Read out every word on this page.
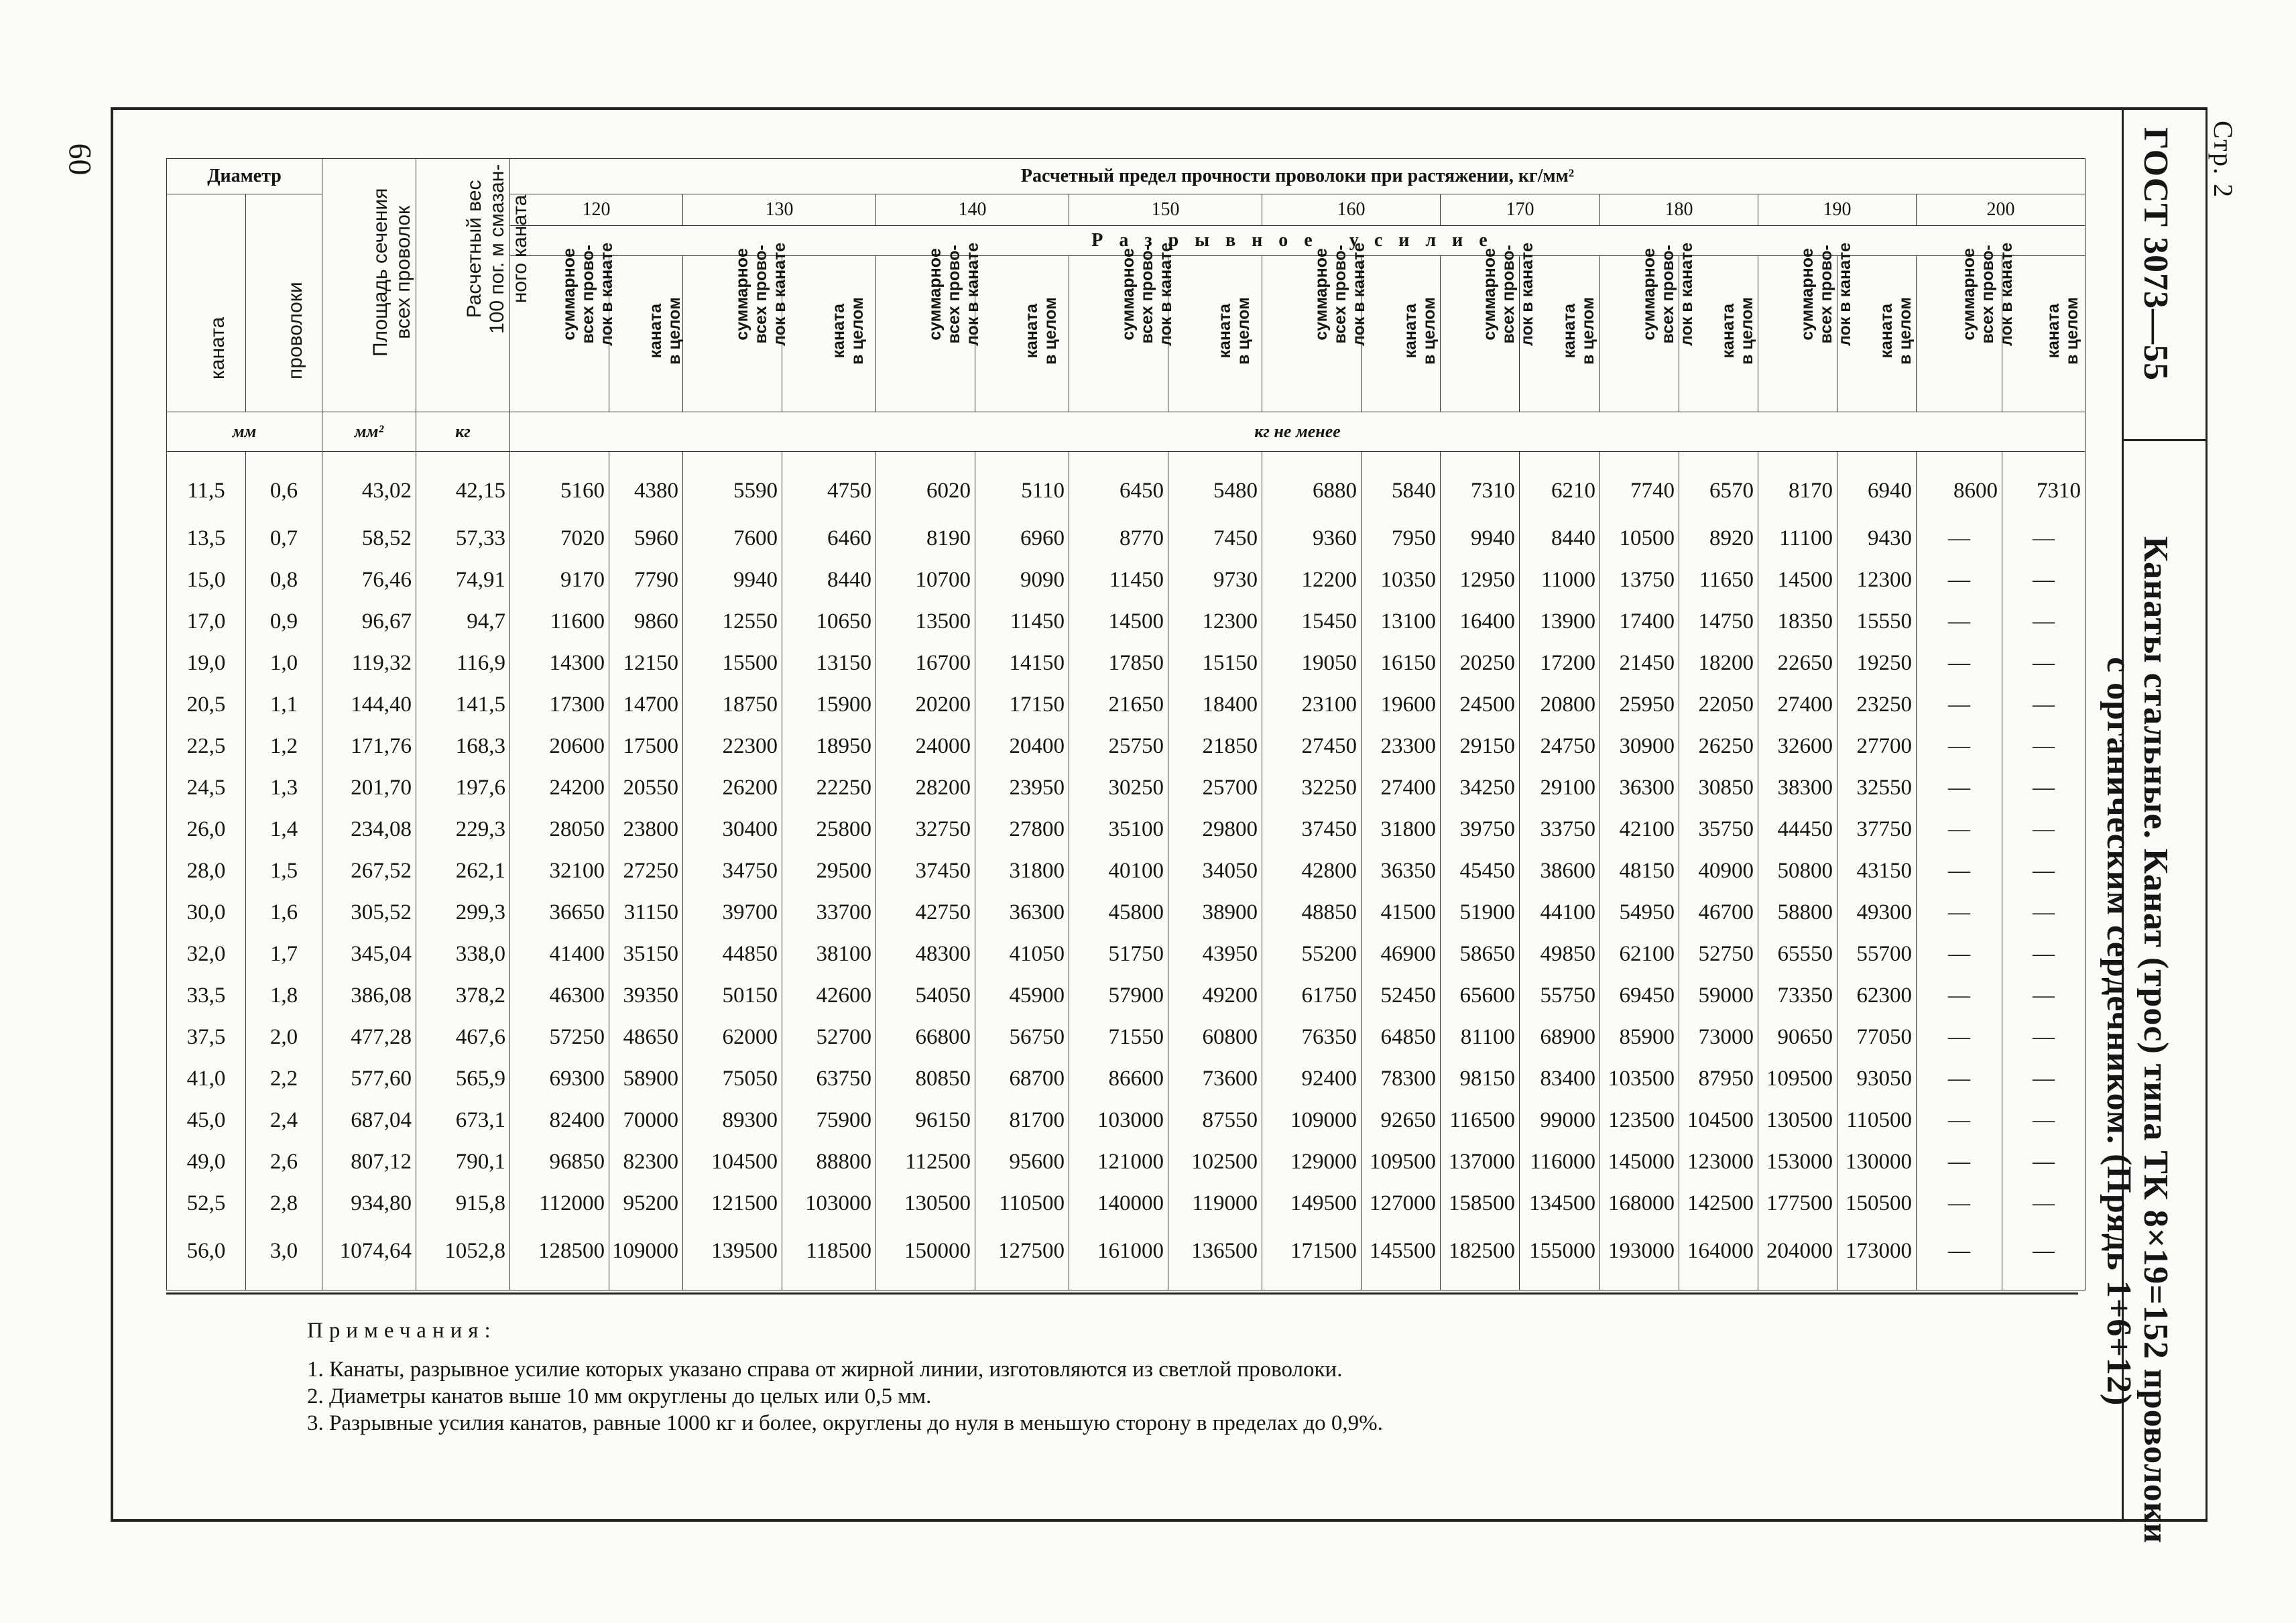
60	Стр. 2
ГОСТ 3073—55
Канаты стальные. Канат (трос) типа ТК 8×19=152 проволоки
с органическим сердечником. (Прядь 1+6+12)
Диаметр		Площадь сечения
всех проволок	Расчетный вес
100 пог. м смазан-
ного каната	Расчетный предел прочности проволоки при растяжении, кг/мм²																	

каната	проволоки			120		130		140		150		160		170		180		190		200	
				Разрывное усилие																	

				суммарное
всех прово-
лок в канате	каната
в целом	суммарное
всех прово-
лок в канате	каната
в целом	суммарное
всех прово-
лок в канате	каната
в целом	суммарное
всех прово-
лок в канате	каната
в целом	суммарное
всех прово-
лок в канате	каната
в целом	суммарное
всех прово-
лок в канате	каната
в целом	суммарное
всех прово-
лок в канате	каната
в целом	суммарное
всех прово-
лок в канате	каната
в целом	суммарное
всех прово-
лок в канате	каната
в целом

мм		мм²	кг	кг не менее																	
11,5	0,6	43,02	42,15	5160	4380	5590	4750	6020	5110	6450	5480	6880	5840	7310	6210	7740	6570	8170	6940	8600	7310
13,5	0,7	58,52	57,33	7020	5960	7600	6460	8190	6960	8770	7450	9360	7950	9940	8440	10500	8920	11100	9430	—	—
15,0	0,8	76,46	74,91	9170	7790	9940	8440	10700	9090	11450	9730	12200	10350	12950	11000	13750	11650	14500	12300	—	—
17,0	0,9	96,67	94,7	11600	9860	12550	10650	13500	11450	14500	12300	15450	13100	16400	13900	17400	14750	18350	15550	—	—
19,0	1,0	119,32	116,9	14300	12150	15500	13150	16700	14150	17850	15150	19050	16150	20250	17200	21450	18200	22650	19250	—	—
20,5	1,1	144,40	141,5	17300	14700	18750	15900	20200	17150	21650	18400	23100	19600	24500	20800	25950	22050	27400	23250	—	—
22,5	1,2	171,76	168,3	20600	17500	22300	18950	24000	20400	25750	21850	27450	23300	29150	24750	30900	26250	32600	27700	—	—
24,5	1,3	201,70	197,6	24200	20550	26200	22250	28200	23950	30250	25700	32250	27400	34250	29100	36300	30850	38300	32550	—	—
26,0	1,4	234,08	229,3	28050	23800	30400	25800	32750	27800	35100	29800	37450	31800	39750	33750	42100	35750	44450	37750	—	—
28,0	1,5	267,52	262,1	32100	27250	34750	29500	37450	31800	40100	34050	42800	36350	45450	38600	48150	40900	50800	43150	—	—
30,0	1,6	305,52	299,3	36650	31150	39700	33700	42750	36300	45800	38900	48850	41500	51900	44100	54950	46700	58800	49300	—	—
32,0	1,7	345,04	338,0	41400	35150	44850	38100	48300	41050	51750	43950	55200	46900	58650	49850	62100	52750	65550	55700	—	—
33,5	1,8	386,08	378,2	46300	39350	50150	42600	54050	45900	57900	49200	61750	52450	65600	55750	69450	59000	73350	62300	—	—
37,5	2,0	477,28	467,6	57250	48650	62000	52700	66800	56750	71550	60800	76350	64850	81100	68900	85900	73000	90650	77050	—	—
41,0	2,2	577,60	565,9	69300	58900	75050	63750	80850	68700	86600	73600	92400	78300	98150	83400	103500	87950	109500	93050	—	—
45,0	2,4	687,04	673,1	82400	70000	89300	75900	96150	81700	103000	87550	109000	92650	116500	99000	123500	104500	130500	110500	—	—
49,0	2,6	807,12	790,1	96850	82300	104500	88800	112500	95600	121000	102500	129000	109500	137000	116000	145000	123000	153000	130000	—	—
52,5	2,8	934,80	915,8	112000	95200	121500	103000	130500	110500	140000	119000	149500	127000	158500	134500	168000	142500	177500	150500	—	—
56,0	3,0	1074,64	1052,8	128500	109000	139500	118500	150000	127500	161000	136500	171500	145500	182500	155000	193000	164000	204000	173000	—	—
Примечания:
1. Канаты, разрывное усилие которых указано справа от жирной линии, изготовляются из светлой проволоки.
2. Диаметры канатов выше 10 мм округлены до целых или 0,5 мм.
3. Разрывные усилия канатов, равные 1000 кг и более, округлены до нуля в меньшую сторону в пределах до 0,9%.
